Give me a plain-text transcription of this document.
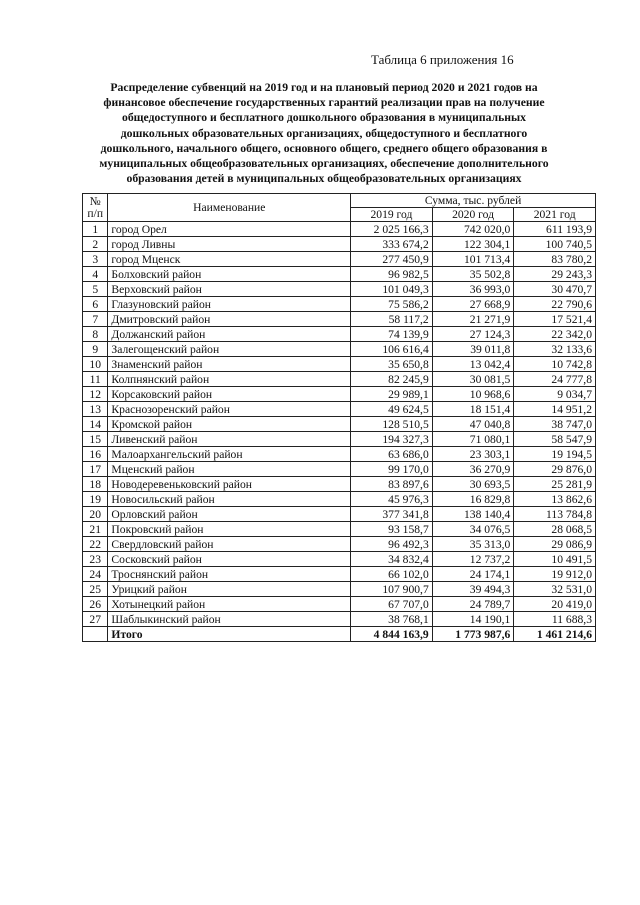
Таблица 6 приложения 16
Распределение субвенций на 2019 год и на плановый период 2020 и 2021 годов на
финансовое обеспечение государственных гарантий реализации прав на получение
общедоступного и бесплатного дошкольного образования в муниципальных
дошкольных образовательных организациях, общедоступного и бесплатного
дошкольного, начального общего, основного общего, среднего общего образования в
муниципальных общеобразовательных организациях, обеспечение дополнительного
образования детей в муниципальных общеобразовательных организациях
№
п/п	Наименование	Сумма, тыс. рублей		
		2019 год	2020 год	2021 год
1	город Орел	2 025 166,3	742 020,0	611 193,9
2	город Ливны	333 674,2	122 304,1	100 740,5
3	город Мценск	277 450,9	101 713,4	83 780,2
4	Болховский район	96 982,5	35 502,8	29 243,3
5	Верховский район	101 049,3	36 993,0	30 470,7
6	Глазуновский район	75 586,2	27 668,9	22 790,6
7	Дмитровский район	58 117,2	21 271,9	17 521,4
8	Должанский район	74 139,9	27 124,3	22 342,0
9	Залегощенский район	106 616,4	39 011,8	32 133,6
10	Знаменский район	35 650,8	13 042,4	10 742,8
11	Колпнянский район	82 245,9	30 081,5	24 777,8
12	Корсаковский район	29 989,1	10 968,6	9 034,7
13	Краснозоренский район	49 624,5	18 151,4	14 951,2
14	Кромской район	128 510,5	47 040,8	38 747,0
15	Ливенский район	194 327,3	71 080,1	58 547,9
16	Малоархангельский район	63 686,0	23 303,1	19 194,5
17	Мценский район	99 170,0	36 270,9	29 876,0
18	Новодеревеньковский район	83 897,6	30 693,5	25 281,9
19	Новосильский район	45 976,3	16 829,8	13 862,6
20	Орловский район	377 341,8	138 140,4	113 784,8
21	Покровский район	93 158,7	34 076,5	28 068,5
22	Свердловский район	96 492,3	35 313,0	29 086,9
23	Сосковский район	34 832,4	12 737,2	10 491,5
24	Троснянский район	66 102,0	24 174,1	19 912,0
25	Урицкий район	107 900,7	39 494,3	32 531,0
26	Хотынецкий район	67 707,0	24 789,7	20 419,0
27	Шаблыкинский район	38 768,1	14 190,1	11 688,3
	Итого	4 844 163,9	1 773 987,6	1 461 214,6
